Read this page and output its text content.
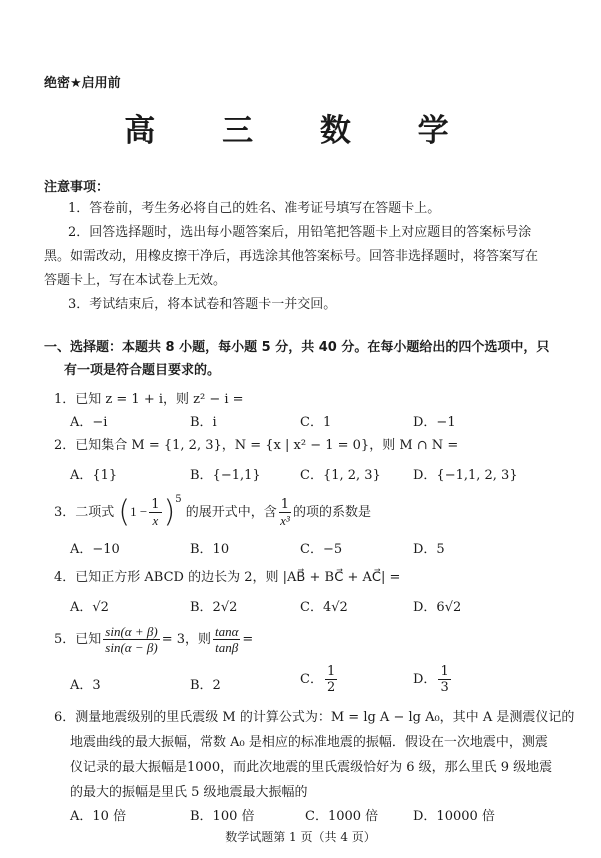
绝密★启用前
高 三 数 学
注意事项：
1．答卷前，考生务必将自己的姓名、准考证号填写在答题卡上。
2．回答选择题时，选出每小题答案后，用铅笔把答题卡上对应题目的答案标号涂
黑。如需改动，用橡皮擦干净后，再选涂其他答案标号。回答非选择题时，将答案写在
答题卡上，写在本试卷上无效。
3．考试结束后，将本试卷和答题卡一并交回。
一、选择题：本题共 8 小题，每小题 5 分，共 40 分。在每小题给出的四个选项中，只
有一项是符合题目要求的。
1．已知 z = 1 + i，则 z² − i =
A．−i	B．i	C．1	D．−1
2．已知集合 M = {1, 2, 3}，N = {x | x² − 1 = 0}，则 M ∩ N =
A．{1}	B．{−1,1}	C．{1, 2, 3} D．{−1,1, 2, 3}
3．二项式 $(1 - \frac{1}{x} )^5$ 的展开式中，含 $\frac{1}{\text{x³}}$ 的项的系数是
A．−10	B．10	C．−5	D．5
4．已知正方形 ABCD 的边长为 2，则 |AB⃗ + BC⃗ + AC⃗| =
A．√2	B．2√2	C．4√2	D．6√2
5．已知 $\frac{\sin(\alpha + \beta)}{\sin(\alpha - \beta)} = 3$，则 $\frac{\tan\alpha}{\tan\beta}$ =
A．3	B．2	C． $\frac{1}{2}$	D． $\frac{1}{3}$
6．测量地震级别的里氏震级 M 的计算公式为：M = lg A − lg A₀，其中 A 是测震仪记的
地震曲线的最大振幅，常数 A₀ 是相应的标准地震的振幅．假设在一次地震中，测震
仪记录的最大振幅是1000，而此次地震的里氏震级恰好为 6 级，那么里氏 9 级地震
的最大的振幅是里氏 5 级地震最大振幅的
A．10 倍	B．100 倍	C．1000 倍	D．10000 倍
数学试题第 1 页（共 4 页）
